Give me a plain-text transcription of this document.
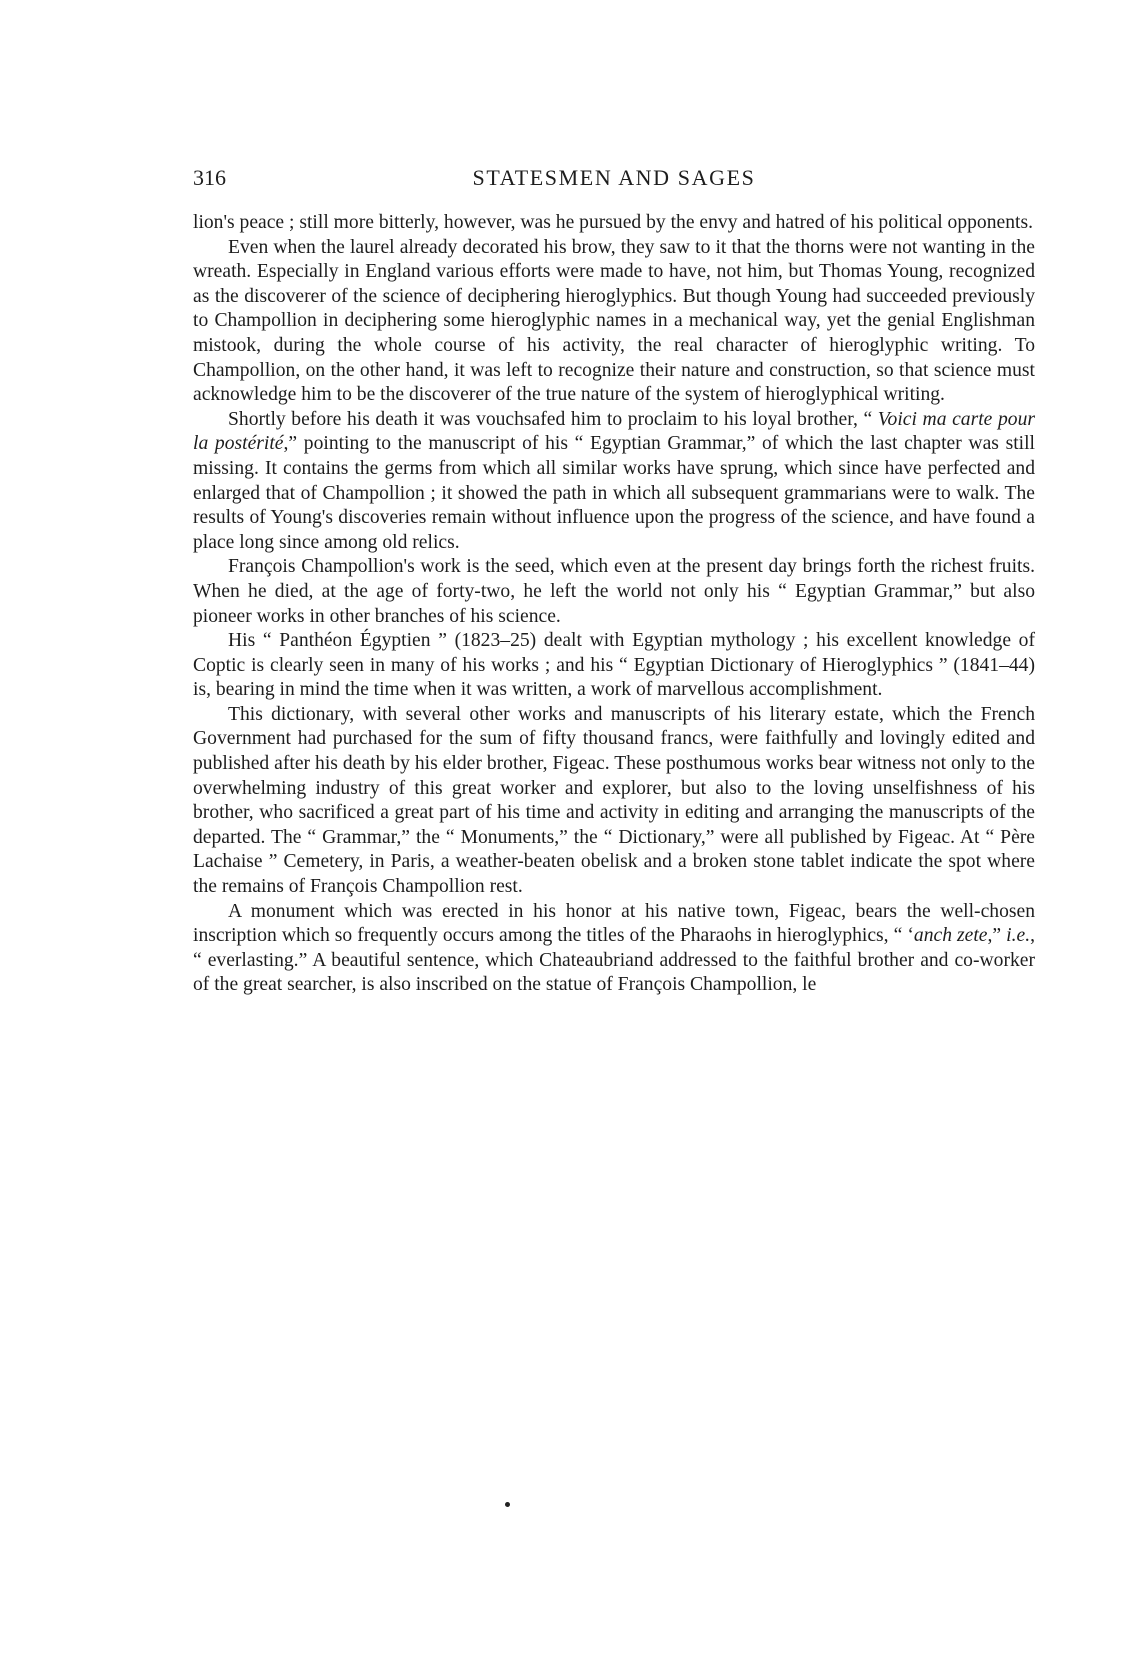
316	STATESMEN AND SAGES

lion's peace ; still more bitterly, however, was he pursued by the envy and hatred of his political opponents.

Even when the laurel already decorated his brow, they saw to it that the thorns were not wanting in the wreath. Especially in England various efforts were made to have, not him, but Thomas Young, recognized as the discoverer of the science of deciphering hieroglyphics. But though Young had succeeded previously to Champollion in deciphering some hieroglyphic names in a mechanical way, yet the genial Englishman mistook, during the whole course of his activity, the real character of hieroglyphic writing. To Champollion, on the other hand, it was left to recognize their nature and construction, so that science must acknowledge him to be the discoverer of the true nature of the system of hieroglyphical writing.

Shortly before his death it was vouchsafed him to proclaim to his loyal brother, “ Voici ma carte pour la postérité,” pointing to the manuscript of his “ Egyptian Grammar,” of which the last chapter was still missing. It contains the germs from which all similar works have sprung, which since have perfected and enlarged that of Champollion ; it showed the path in which all subsequent grammarians were to walk. The results of Young's discoveries remain without influence upon the progress of the science, and have found a place long since among old relics.

François Champollion's work is the seed, which even at the present day brings forth the richest fruits. When he died, at the age of forty-two, he left the world not only his “ Egyptian Grammar,” but also pioneer works in other branches of his science.

His “ Panthéon Égyptien ” (1823–25) dealt with Egyptian mythology ; his excellent knowledge of Coptic is clearly seen in many of his works ; and his “ Egyptian Dictionary of Hieroglyphics ” (1841–44) is, bearing in mind the time when it was written, a work of marvellous accomplishment.

This dictionary, with several other works and manuscripts of his literary estate, which the French Government had purchased for the sum of fifty thousand francs, were faithfully and lovingly edited and published after his death by his elder brother, Figeac. These posthumous works bear witness not only to the overwhelming industry of this great worker and explorer, but also to the loving unselfishness of his brother, who sacrificed a great part of his time and activity in editing and arranging the manuscripts of the departed. The “ Grammar,” the “ Monuments,” the “ Dictionary,” were all published by Figeac. At “ Père Lachaise ” Cemetery, in Paris, a weather-beaten obelisk and a broken stone tablet indicate the spot where the remains of François Champollion rest.

A monument which was erected in his honor at his native town, Figeac, bears the well-chosen inscription which so frequently occurs among the titles of the Pharaohs in hieroglyphics, “ ‘anch zete,” i.e., “ everlasting.” A beautiful sentence, which Chateaubriand addressed to the faithful brother and co-worker of the great searcher, is also inscribed on the statue of François Champollion, le
